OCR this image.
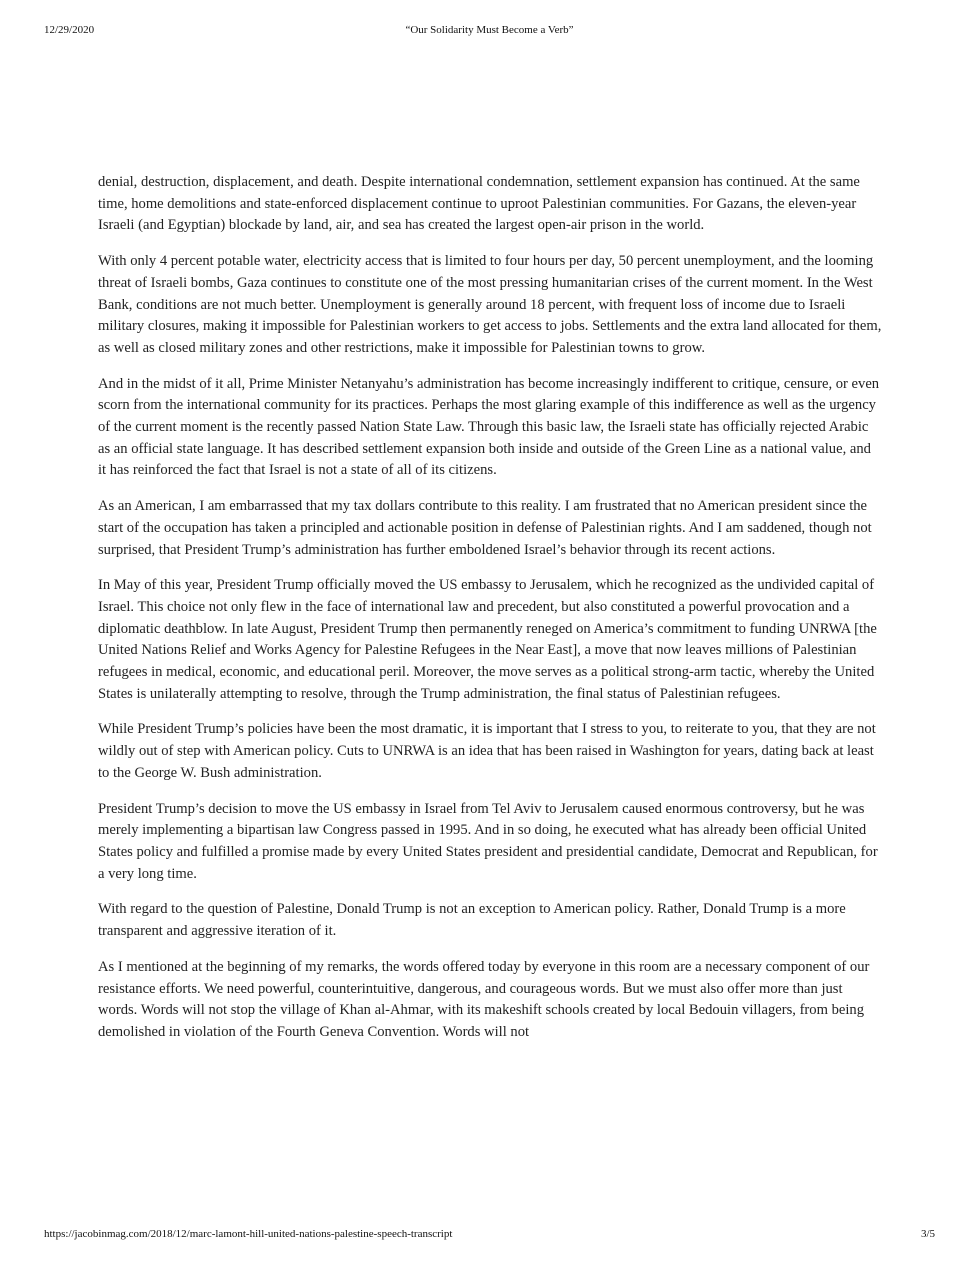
12/29/2020	“Our Solidarity Must Become a Verb”

denial, destruction, displacement, and death. Despite international condemnation, settlement expansion has continued. At the same time, home demolitions and state-enforced displacement continue to uproot Palestinian communities. For Gazans, the eleven-year Israeli (and Egyptian) blockade by land, air, and sea has created the largest open-air prison in the world.

With only 4 percent potable water, electricity access that is limited to four hours per day, 50 percent unemployment, and the looming threat of Israeli bombs, Gaza continues to constitute one of the most pressing humanitarian crises of the current moment. In the West Bank, conditions are not much better. Unemployment is generally around 18 percent, with frequent loss of income due to Israeli military closures, making it impossible for Palestinian workers to get access to jobs. Settlements and the extra land allocated for them, as well as closed military zones and other restrictions, make it impossible for Palestinian towns to grow.

And in the midst of it all, Prime Minister Netanyahu’s administration has become increasingly indifferent to critique, censure, or even scorn from the international community for its practices. Perhaps the most glaring example of this indifference as well as the urgency of the current moment is the recently passed Nation State Law. Through this basic law, the Israeli state has officially rejected Arabic as an official state language. It has described settlement expansion both inside and outside of the Green Line as a national value, and it has reinforced the fact that Israel is not a state of all of its citizens.

As an American, I am embarrassed that my tax dollars contribute to this reality. I am frustrated that no American president since the start of the occupation has taken a principled and actionable position in defense of Palestinian rights. And I am saddened, though not surprised, that President Trump’s administration has further emboldened Israel’s behavior through its recent actions.

In May of this year, President Trump officially moved the US embassy to Jerusalem, which he recognized as the undivided capital of Israel. This choice not only flew in the face of international law and precedent, but also constituted a powerful provocation and a diplomatic deathblow. In late August, President Trump then permanently reneged on America’s commitment to funding UNRWA [the United Nations Relief and Works Agency for Palestine Refugees in the Near East], a move that now leaves millions of Palestinian refugees in medical, economic, and educational peril. Moreover, the move serves as a political strong-arm tactic, whereby the United States is unilaterally attempting to resolve, through the Trump administration, the final status of Palestinian refugees.

While President Trump’s policies have been the most dramatic, it is important that I stress to you, to reiterate to you, that they are not wildly out of step with American policy. Cuts to UNRWA is an idea that has been raised in Washington for years, dating back at least to the George W. Bush administration.

President Trump’s decision to move the US embassy in Israel from Tel Aviv to Jerusalem caused enormous controversy, but he was merely implementing a bipartisan law Congress passed in 1995. And in so doing, he executed what has already been official United States policy and fulfilled a promise made by every United States president and presidential candidate, Democrat and Republican, for a very long time.

With regard to the question of Palestine, Donald Trump is not an exception to American policy. Rather, Donald Trump is a more transparent and aggressive iteration of it.

As I mentioned at the beginning of my remarks, the words offered today by everyone in this room are a necessary component of our resistance efforts. We need powerful, counterintuitive, dangerous, and courageous words. But we must also offer more than just words. Words will not stop the village of Khan al-Ahmar, with its makeshift schools created by local Bedouin villagers, from being demolished in violation of the Fourth Geneva Convention. Words will not

https://jacobinmag.com/2018/12/marc-lamont-hill-united-nations-palestine-speech-transcript	3/5
